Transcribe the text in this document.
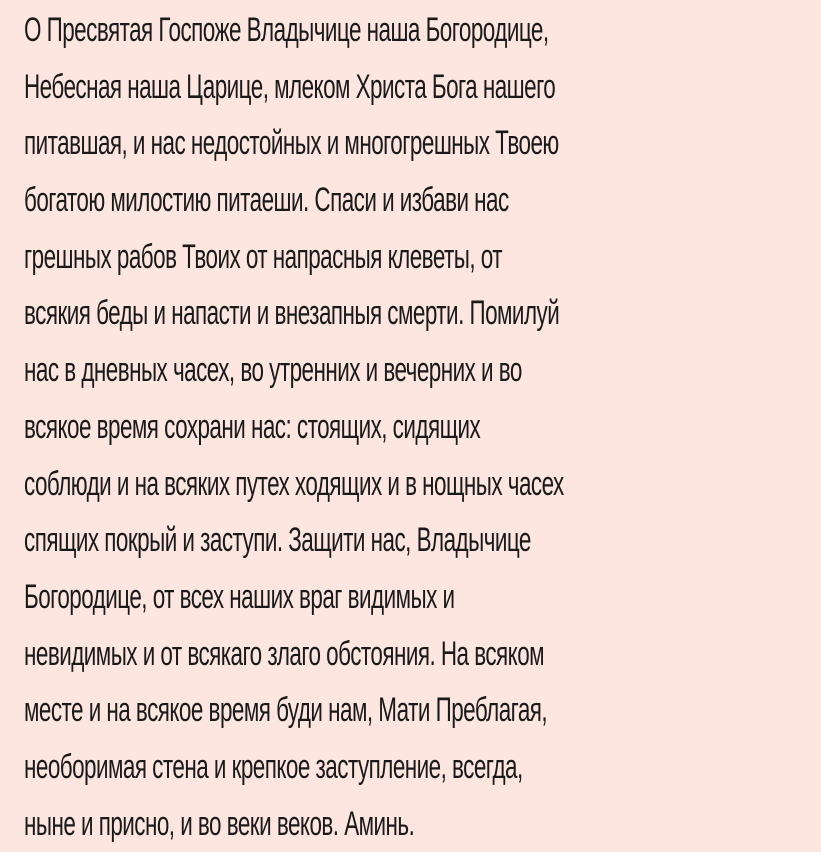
О Пресвятая Госпоже Владычице наша Богородице,
Небесная наша Царице, млеком Христа Бога нашего
питавшая, и нас недостойных и многогрешных Твоею
богатою милостию питаеши. Спаси и избави нас
грешных рабов Твоих от напрасныя клеветы, от
всякия беды и напасти и внезапныя смерти. Помилуй
нас в дневных часех, во утренних и вечерних и во
всякое время сохрани нас: стоящих, сидящих
соблюди и на всяких путех ходящих и в нощных часех
спящих покрый и заступи. Защити нас, Владычице
Богородице, от всех наших враг видимых и
невидимых и от всякаго злаго обстояния. На всяком
месте и на всякое время буди нам, Мати Преблагая,
необоримая стена и крепкое заступление, всегда,
ныне и присно, и во веки веков. Аминь.
